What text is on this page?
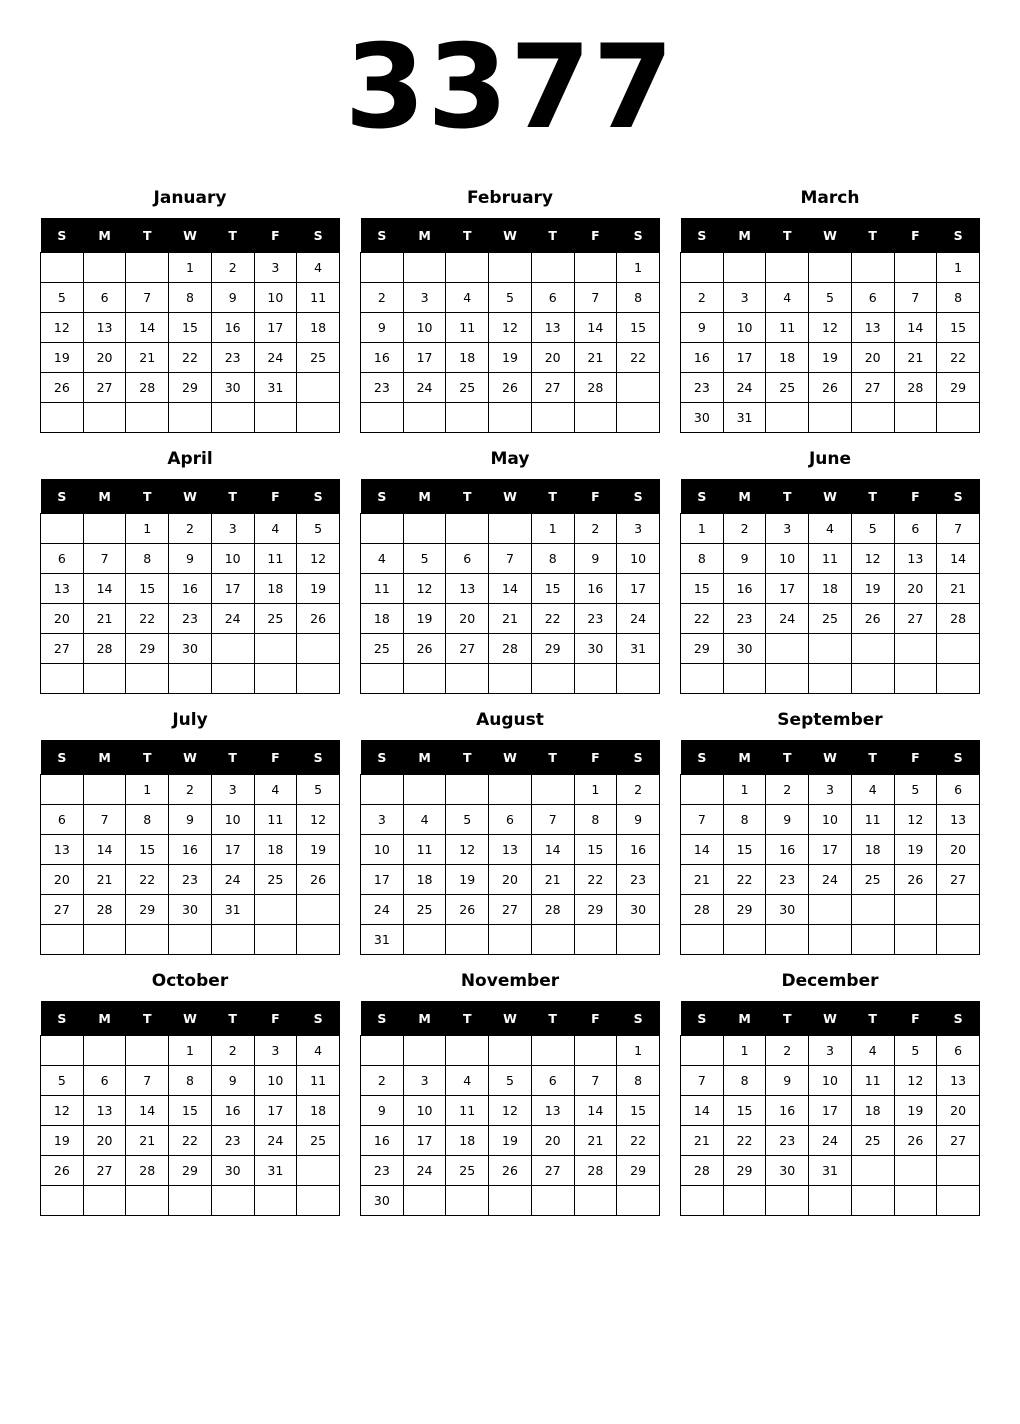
3377
January
S	M	T	W	T	F	S
			1	2	3	4
5	6	7	8	9	10	11
12	13	14	15	16	17	18
19	20	21	22	23	24	25
26	27	28	29	30	31	

February
S	M	T	W	T	F	S
						1
2	3	4	5	6	7	8
9	10	11	12	13	14	15
16	17	18	19	20	21	22
23	24	25	26	27	28	

March
S	M	T	W	T	F	S
						1
2	3	4	5	6	7	8
9	10	11	12	13	14	15
16	17	18	19	20	21	22
23	24	25	26	27	28	29
30	31					
April
S	M	T	W	T	F	S
		1	2	3	4	5
6	7	8	9	10	11	12
13	14	15	16	17	18	19
20	21	22	23	24	25	26
27	28	29	30			

May
S	M	T	W	T	F	S
				1	2	3
4	5	6	7	8	9	10
11	12	13	14	15	16	17
18	19	20	21	22	23	24
25	26	27	28	29	30	31

June
S	M	T	W	T	F	S
1	2	3	4	5	6	7
8	9	10	11	12	13	14
15	16	17	18	19	20	21
22	23	24	25	26	27	28
29	30					

July
S	M	T	W	T	F	S
		1	2	3	4	5
6	7	8	9	10	11	12
13	14	15	16	17	18	19
20	21	22	23	24	25	26
27	28	29	30	31		

August
S	M	T	W	T	F	S
					1	2
3	4	5	6	7	8	9
10	11	12	13	14	15	16
17	18	19	20	21	22	23
24	25	26	27	28	29	30
31						
September
S	M	T	W	T	F	S
	1	2	3	4	5	6
7	8	9	10	11	12	13
14	15	16	17	18	19	20
21	22	23	24	25	26	27
28	29	30				

October
S	M	T	W	T	F	S
			1	2	3	4
5	6	7	8	9	10	11
12	13	14	15	16	17	18
19	20	21	22	23	24	25
26	27	28	29	30	31	

November
S	M	T	W	T	F	S
						1
2	3	4	5	6	7	8
9	10	11	12	13	14	15
16	17	18	19	20	21	22
23	24	25	26	27	28	29
30						
December
S	M	T	W	T	F	S
	1	2	3	4	5	6
7	8	9	10	11	12	13
14	15	16	17	18	19	20
21	22	23	24	25	26	27
28	29	30	31			
